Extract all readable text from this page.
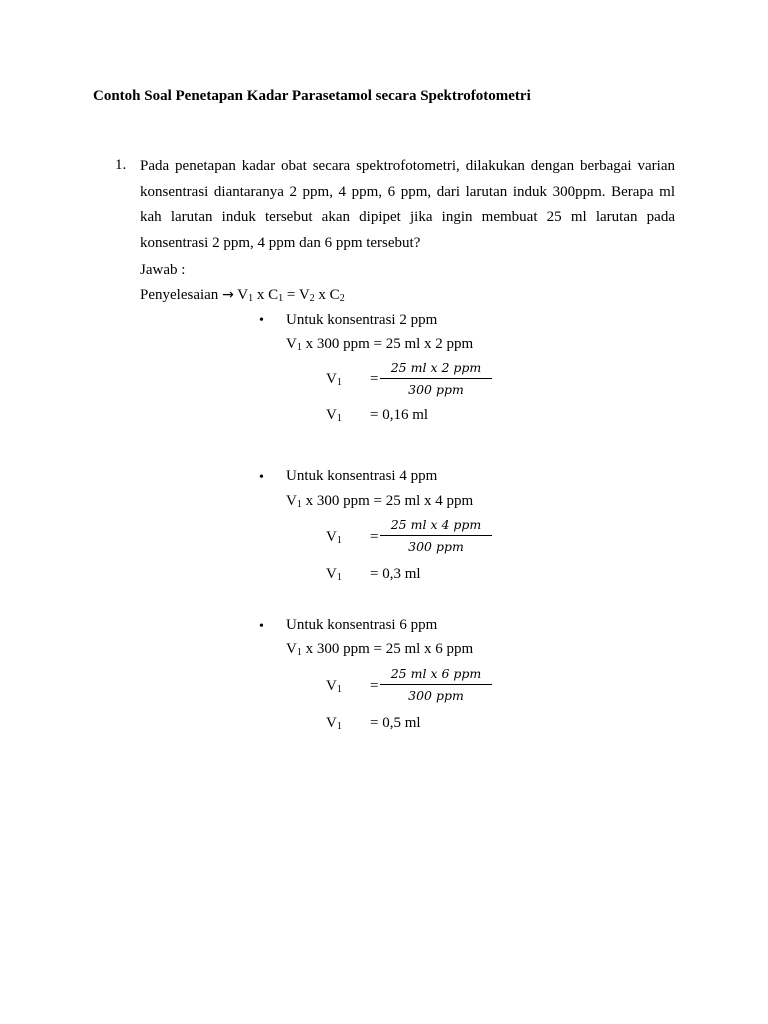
Contoh Soal Penetapan Kadar Parasetamol secara Spektrofotometri
1. Pada penetapan kadar obat secara spektrofotometri, dilakukan dengan berbagai varian konsentrasi diantaranya 2 ppm, 4 ppm, 6 ppm, dari larutan induk 300ppm. Berapa ml kah larutan induk tersebut akan dipipet jika ingin membuat 25 ml larutan pada konsentrasi 2 ppm, 4 ppm dan 6 ppm tersebut?
Jawab :
Penyelesaian → $V_1$ x $C_1 = V_2$ x $C_2$
• Untuk konsentrasi 2 ppm
$V_1$ x 300 ppm = 25 ml x 2 ppm
$V_1$ =
25 ml x 2 ppm
300 ppm
$V_1 = 0,16$ ml
• Untuk konsentrasi 4 ppm
$V_1$ x 300 ppm = 25 ml x 4 ppm
$V_1$ =
25 ml x 4 ppm
300 ppm
$V_1 = 0,3$ ml
• Untuk konsentrasi 6 ppm
$V_1$ x 300 ppm = 25 ml x 6 ppm
$V_1$ =
25 ml x 6 ppm
300 ppm
$V_1 = 0,5$ ml
